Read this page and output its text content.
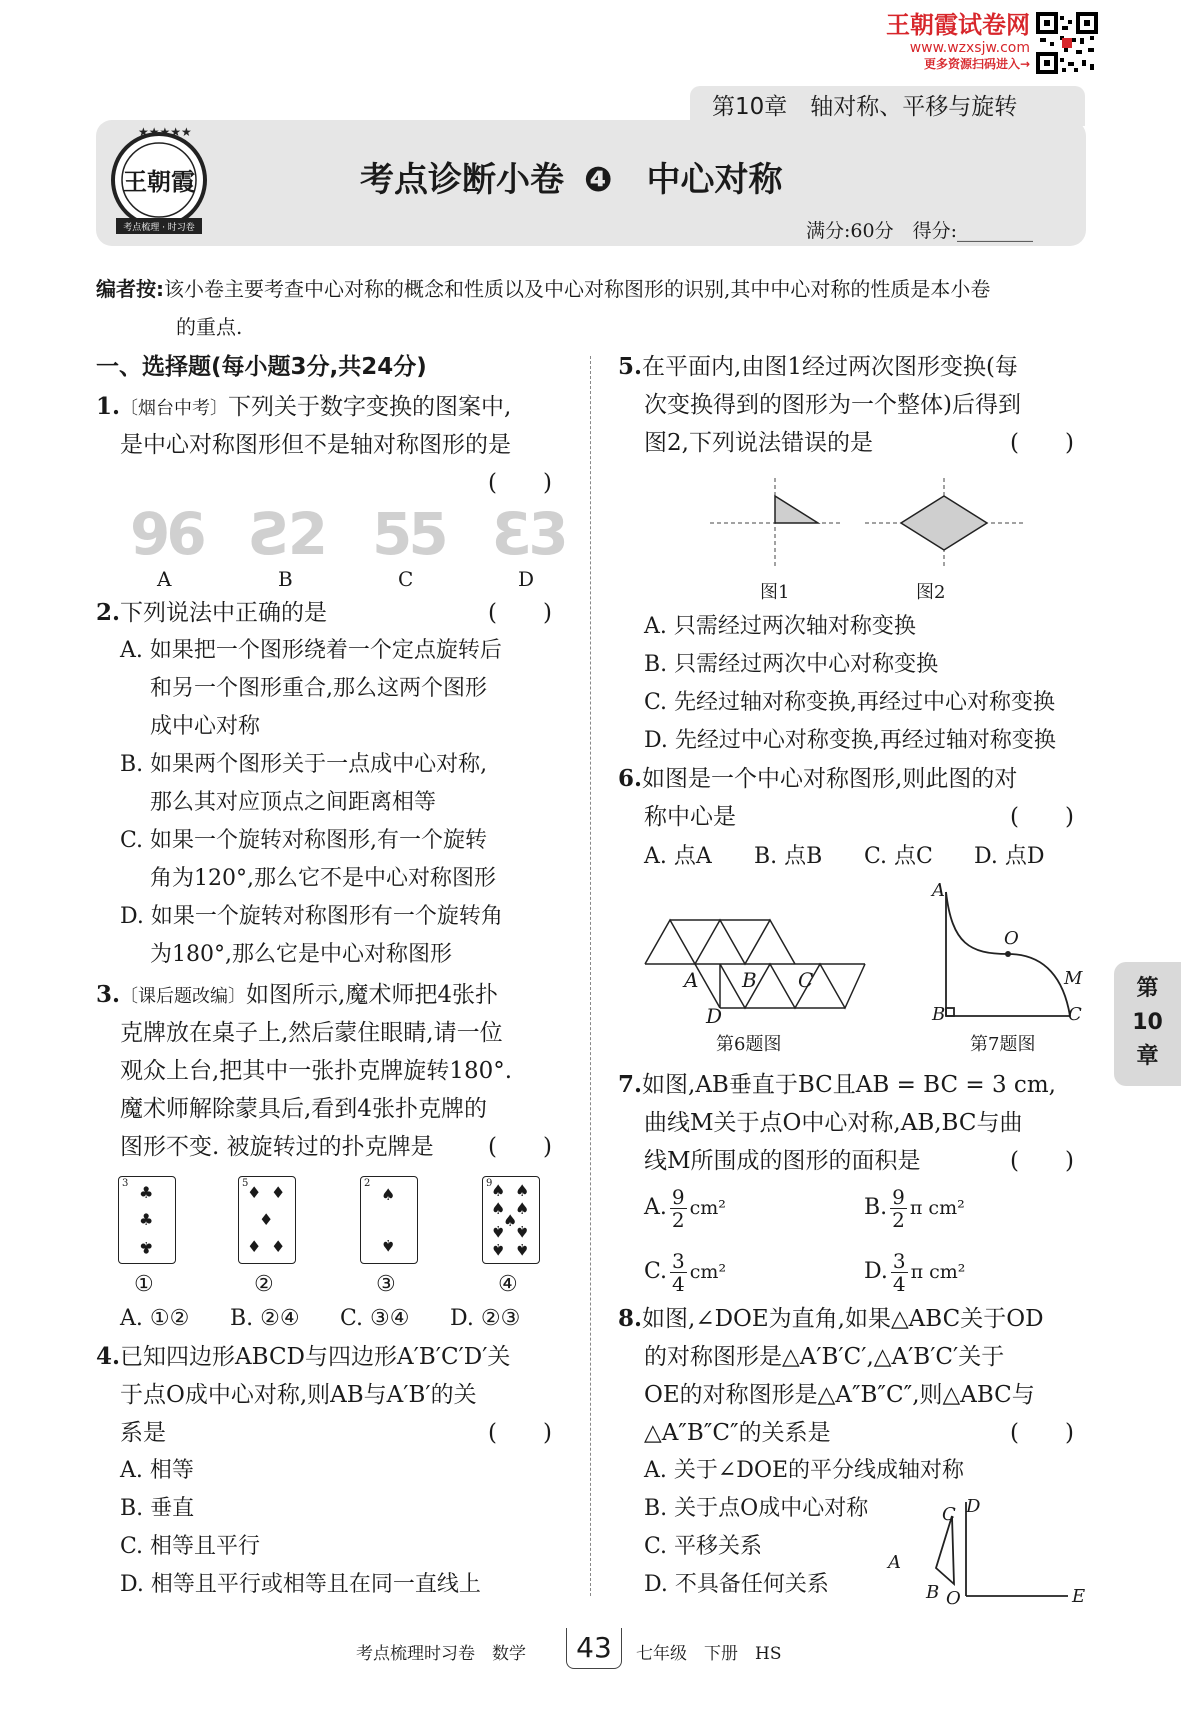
王朝霞试卷网
www.wzxsjw.com
更多资源扫码进入→
第10章　轴对称、平移与旋转
★★★★★
考点梳理 · 时习卷
王朝霞	考点诊断小卷 ❹ 中心对称
满分:60分　得分:________
编者按:该小卷主要考查中心对称的概念和性质以及中心对称图形的识别,其中中心对称的性质是本小卷
的重点.
一、选择题(每小题3分,共24分)
1.〔烟台中考〕下列关于数字变换的图案中,
是中心对称图形但不是轴对称图形的是
(　　)
96 Ƨ2 55 Ɛ3
A	B	C	D
2.下列说法中正确的是	(　　)
A. 如果把一个图形绕着一个定点旋转后
和另一个图形重合,那么这两个图形
成中心对称
B. 如果两个图形关于一点成中心对称,
那么其对应顶点之间距离相等
C. 如果一个旋转对称图形,有一个旋转
角为120°,那么它不是中心对称图形
D. 如果一个旋转对称图形有一个旋转角
为180°,那么它是中心对称图形
3.〔课后题改编〕如图所示,魔术师把4张扑
克牌放在桌子上,然后蒙住眼睛,请一位
观众上台,把其中一张扑克牌旋转180°.
魔术师解除蒙具后,看到4张扑克牌的
图形不变. 被旋转过的扑克牌是 (　　)
3 ♣
♣
♣
5
♦ ♦
♦
♦ ♦
2
♠
♠
9
♠ ♠
♠ ♠
♠
♠ ♠
♠ ♠
①	②	③	④
A. ①② B. ②④ C. ③④ D. ②③
4.已知四边形ABCD与四边形A′B′C′D′关
于点O成中心对称,则AB与A′B′的关
系是	(　　)
A. 相等
B. 垂直
C. 相等且平行
D. 相等且平行或相等且在同一直线上
5.在平面内,由图1经过两次图形变换(每
次变换得到的图形为一个整体)后得到
图2,下列说法错误的是	(　　)
图1	图2
A. 只需经过两次轴对称变换
B. 只需经过两次中心对称变换
C. 先经过轴对称变换,再经过中心对称变换
D. 先经过中心对称变换,再经过轴对称变换
6.如图是一个中心对称图形,则此图的对
称中心是	(　　)
A. 点A B. 点B C. 点C D. 点D
A B C
D
第6题图
A
O
M
B	C
第7题图
7.如图,AB垂直于BC且AB = BC = 3 cm,
曲线M关于点O中心对称,AB,BC与曲
线M所围成的图形的面积是	(　　)
A. $\frac{9}{2} cm^2$	B. $\frac{9}{2}$ π cm²
C. $\frac{3}{4} cm^2$	D. $\frac{3}{4}$ π cm²
8.如图,∠DOE为直角,如果△ABC关于OD
的对称图形是△A′B′C′,△A′B′C′关于
OE的对称图形是△A″B″C″,则△ABC与
△A″B″C″的关系是	(　　)
A. 关于∠DOE的平分线成轴对称
B. 关于点O成中心对称
C. 平移关系
D. 不具备任何关系
C D
A
B O	E
第
10
章
考点梳理时习卷　数学	43	七年级　下册　HS
